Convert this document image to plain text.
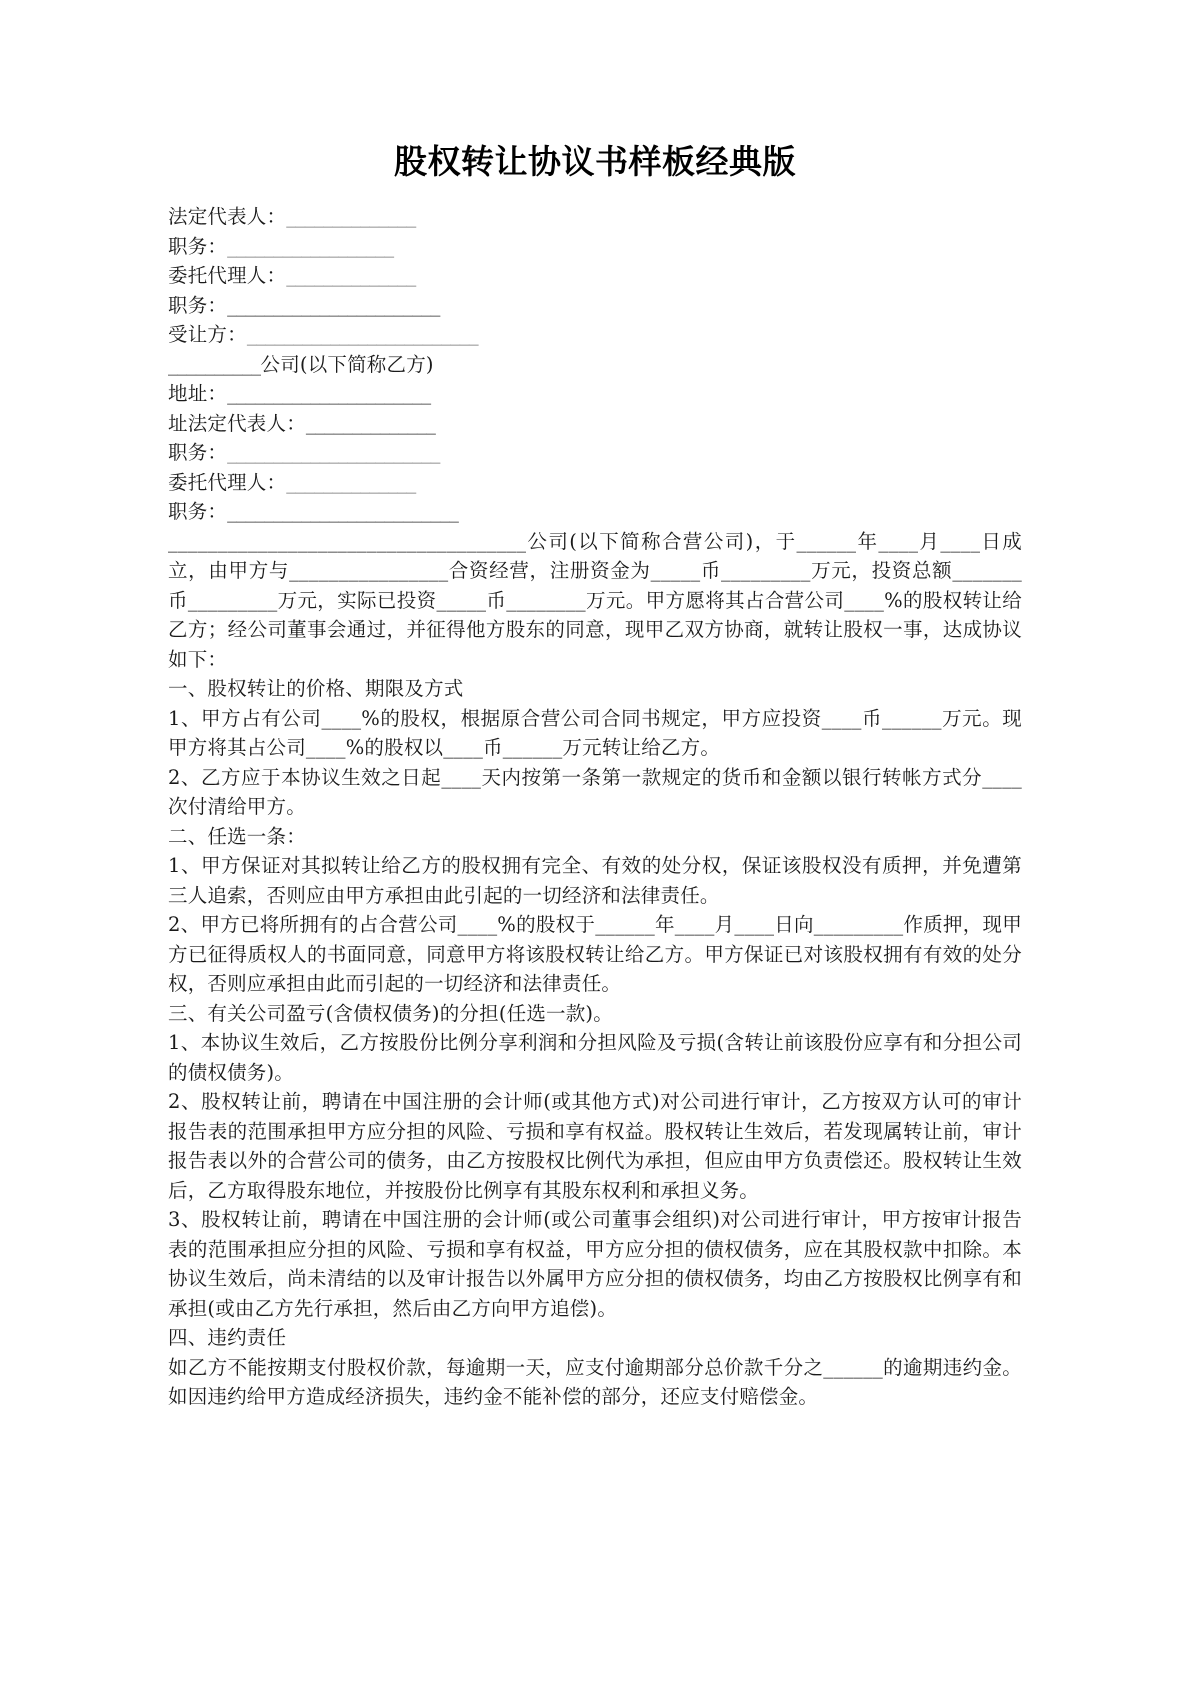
股权转让协议书样板经典版
法定代表人：______________
职务：__________________
委托代理人：______________
职务：_______________________
受让方：_________________________
__________公司(以下简称乙方)
地址：______________________
址法定代表人：______________
职务：_______________________
委托代理人：______________
职务：_________________________

____________________________________公司(以下简称合营公司)，于______年____月____日成立，由甲方与________________合资经营，注册资金为_____币_________万元，投资总额_______币_________万元，实际已投资_____币________万元。甲方愿将其占合营公司____%的股权转让给乙方；经公司董事会通过，并征得他方股东的同意，现甲乙双方协商，就转让股权一事，达成协议如下：

一、股权转让的价格、期限及方式

1、甲方占有公司____%的股权，根据原合营公司合同书规定，甲方应投资____币______万元。现甲方将其占公司____%的股权以____币______万元转让给乙方。

2、乙方应于本协议生效之日起____天内按第一条第一款规定的货币和金额以银行转帐方式分____次付清给甲方。

二、任选一条：

1、甲方保证对其拟转让给乙方的股权拥有完全、有效的处分权，保证该股权没有质押，并免遭第三人追索，否则应由甲方承担由此引起的一切经济和法律责任。

2、甲方已将所拥有的占合营公司____%的股权于______年____月____日向_________作质押，现甲方已征得质权人的书面同意，同意甲方将该股权转让给乙方。甲方保证已对该股权拥有有效的处分权，否则应承担由此而引起的一切经济和法律责任。

三、有关公司盈亏(含债权债务)的分担(任选一款)。

1、本协议生效后，乙方按股份比例分享利润和分担风险及亏损(含转让前该股份应享有和分担公司的债权债务)。

2、股权转让前，聘请在中国注册的会计师(或其他方式)对公司进行审计，乙方按双方认可的审计报告表的范围承担甲方应分担的风险、亏损和享有权益。股权转让生效后，若发现属转让前，审计报告表以外的合营公司的债务，由乙方按股权比例代为承担，但应由甲方负责偿还。股权转让生效后，乙方取得股东地位，并按股份比例享有其股东权利和承担义务。

3、股权转让前，聘请在中国注册的会计师(或公司董事会组织)对公司进行审计，甲方按审计报告表的范围承担应分担的风险、亏损和享有权益，甲方应分担的债权债务，应在其股权款中扣除。本协议生效后，尚未清结的以及审计报告以外属甲方应分担的债权债务，均由乙方按股权比例享有和承担(或由乙方先行承担，然后由乙方向甲方追偿)。

四、违约责任

如乙方不能按期支付股权价款，每逾期一天，应支付逾期部分总价款千分之______的逾期违约金。如因违约给甲方造成经济损失，违约金不能补偿的部分，还应支付赔偿金。
